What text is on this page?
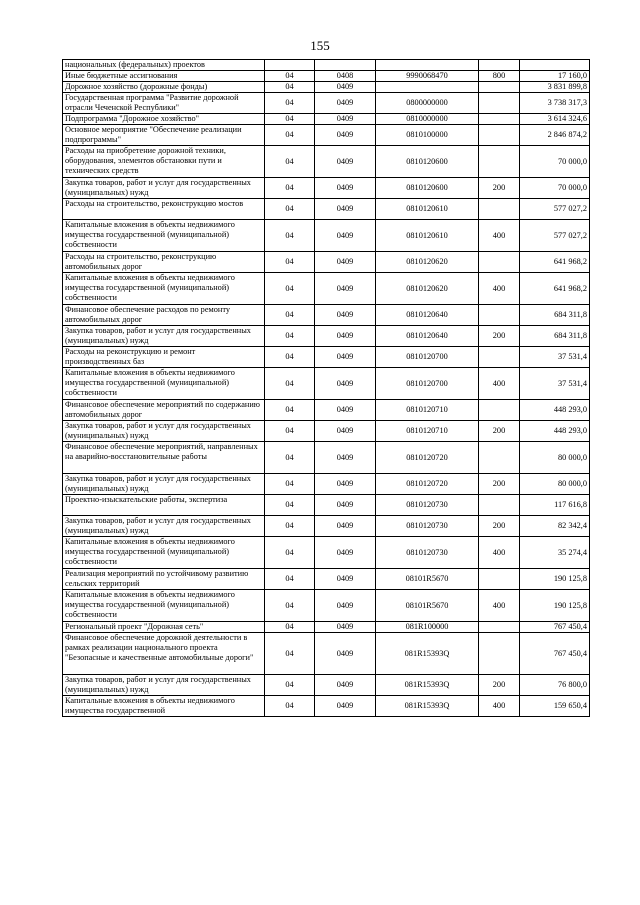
155
национальных (федеральных) проектов					
Иные бюджетные ассигнования	04	0408	9990068470	800	17 160,0
Дорожное хозяйство (дорожные фонды)	04	0409			3 831 899,8
Государственная программа "Развитие дорожной отрасли Чеченской Республики"	04	0409	0800000000		3 738 317,3
Подпрограмма "Дорожное хозяйство"	04	0409	0810000000		3 614 324,6
Основное мероприятие "Обеспечение реализации подпрограммы"	04	0409	0810100000		2 846 874,2
Расходы на приобретение дорожной техники, оборудования, элементов обстановки пути и технических средств	04	0409	0810120600		70 000,0
Закупка товаров, работ и услуг для государственных (муниципальных) нужд	04	0409	0810120600	200	70 000,0
Расходы на строительство, реконструкцию мостов	04	0409	0810120610		577 027,2
Капитальные вложения в объекты недвижимого имущества государственной (муниципальной) собственности	04	0409	0810120610	400	577 027,2
Расходы на строительство, реконструкцию автомобильных дорог	04	0409	0810120620		641 968,2
Капитальные вложения в объекты недвижимого имущества государственной (муниципальной) собственности	04	0409	0810120620	400	641 968,2
Финансовое обеспечение расходов по ремонту автомобильных дорог	04	0409	0810120640		684 311,8
Закупка товаров, работ и услуг для государственных (муниципальных) нужд	04	0409	0810120640	200	684 311,8
Расходы на реконструкцию и ремонт производственных баз	04	0409	0810120700		37 531,4
Капитальные вложения в объекты недвижимого имущества государственной (муниципальной) собственности	04	0409	0810120700	400	37 531,4
Финансовое обеспечение мероприятий по содержанию автомобильных дорог	04	0409	0810120710		448 293,0
Закупка товаров, работ и услуг для государственных (муниципальных) нужд	04	0409	0810120710	200	448 293,0
Финансовое обеспечение мероприятий, направленных на аварийно-восстановительные работы	04	0409	0810120720		80 000,0
Закупка товаров, работ и услуг для государственных (муниципальных) нужд	04	0409	0810120720	200	80 000,0
Проектно-изыскательские работы, экспертиза	04	0409	0810120730		117 616,8
Закупка товаров, работ и услуг для государственных (муниципальных) нужд	04	0409	0810120730	200	82 342,4
Капитальные вложения в объекты недвижимого имущества государственной (муниципальной) собственности	04	0409	0810120730	400	35 274,4
Реализация мероприятий по устойчивому развитию сельских территорий	04	0409	08101R5670		190 125,8
Капитальные вложения в объекты недвижимого имущества государственной (муниципальной) собственности	04	0409	08101R5670	400	190 125,8
Региональный проект "Дорожная сеть"	04	0409	081R100000		767 450,4
Финансовое обеспечение дорожной деятельности в рамках реализации национального проекта "Безопасные и качественные автомобильные дороги"	04	0409	081R15393Q		767 450,4
Закупка товаров, работ и услуг для государственных (муниципальных) нужд	04	0409	081R15393Q	200	76 800,0
Капитальные вложения в объекты недвижимого имущества государственной	04	0409	081R15393Q	400	159 650,4
